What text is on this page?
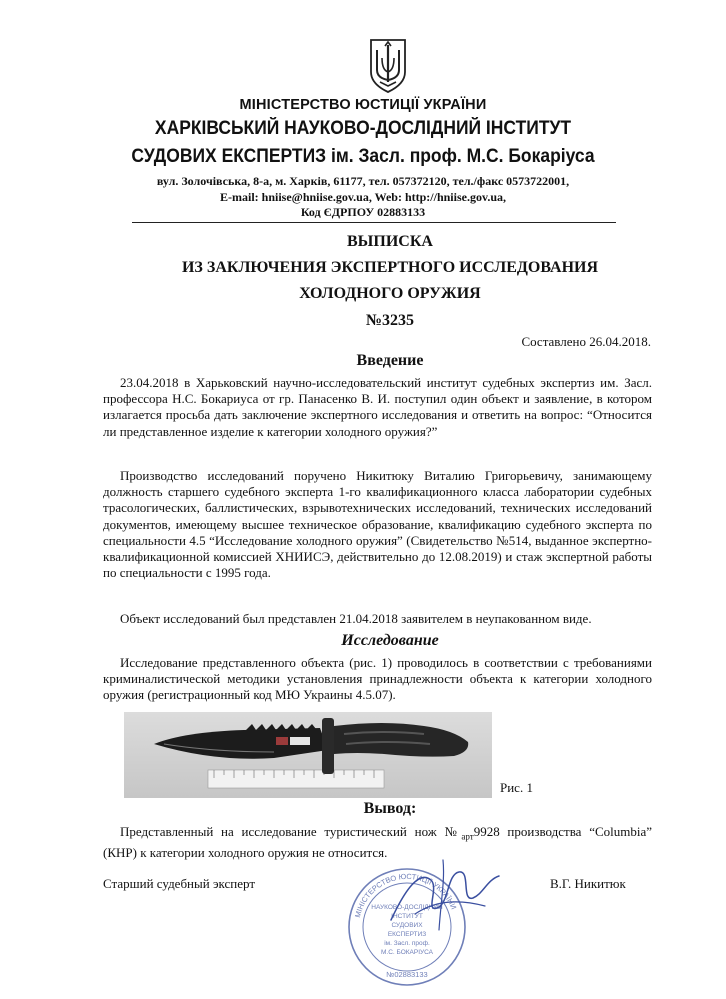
МІНІСТЕРСТВО ЮСТИЦІЇ УКРАЇНИ
ХАРКІВСЬКИЙ НАУКОВО-ДОСЛІДНИЙ ІНСТИТУТ
СУДОВИХ ЕКСПЕРТИЗ ім. Засл. проф. М.С. Бокаріуса
вул. Золочівська, 8-а, м. Харків, 61177, тел. 057372120, тел./факс 0573722001,
E-mail: hniise@hniise.gov.ua, Web: http://hniise.gov.ua,
Код ЄДРПОУ 02883133
ВЫПИСКА
ИЗ ЗАКЛЮЧЕНИЯ ЭКСПЕРТНОГО ИССЛЕДОВАНИЯ
ХОЛОДНОГО ОРУЖИЯ
№3235
Составлено 26.04.2018.
Введение

23.04.2018 в Харьковский научно-исследовательский институт судебных экспертиз им. Засл. профессора Н.С. Бокариуса от гр. Панасенко В. И. поступил один объект и заявление, в котором излагается просьба дать заключение экспертного исследования и ответить на вопрос: “Относится ли представленное изделие к категории холодного оружия?”

Производство исследований поручено Никитюку Виталию Григорьевичу, занимающему должность старшего судебного эксперта 1-го квалификационного класса лаборатории судебных трасологических, баллистических, взрывотехнических исследований, технических исследований документов, имеющему высшее техническое образование, квалификацию судебного эксперта по специальности 4.5 “Исследование холодного оружия” (Свидетельство №514, выданное экспертно-квалификационной комиссией ХНИИСЭ, действительно до 12.08.2019) и стаж экспертной работы по специальности с 1995 года.

Объект исследований был представлен 21.04.2018 заявителем в неупакованном виде.

Исследование

Исследование представленного объекта (рис. 1) проводилось в соответствии с требованиями криминалистической методики установления принадлежности объекта к категории холодного оружия (регистрационный код МЮ Украины 4.5.07).

Рис. 1
Вывод:

Представленный на исследование туристический нож $№_{арт}9928$ производства “Columbia” (КНР) к категории холодного оружия не относится.

Старший судебный эксперт	В.Г. Никитюк
МІНІСТЕРСТВО ЮСТИЦІЇ УКРАЇНИ
НАУКОВО-ДОСЛІДНИЙ
ІНСТИТУТ
СУДОВИХ
ЕКСПЕРТИЗ
ім. Засл. проф.
М.С. БОКАРІУСА
№02883133
